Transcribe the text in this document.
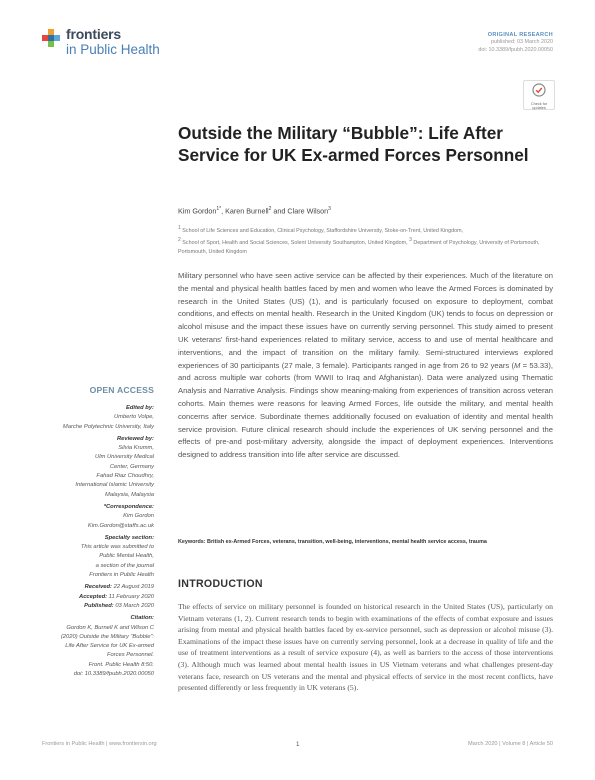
frontiers
in Public Health
ORIGINAL RESEARCH
published: 03 March 2020
doi: 10.3389/fpubh.2020.00050
Check for
updates
Outside the Military “Bubble”: Life After Service for UK Ex-armed Forces Personnel
Kim Gordon$^{1*}$, Karen Burnell$^2$ and Clare Wilson$^3$
1 School of Life Sciences and Education, Clinical Psychology, Staffordshire University, Stoke-on-Trent, United Kingdom,
2 School of Sport, Health and Social Sciences, Solent University Southampton, United Kingdom, 3 Department of Psychology, University of Portsmouth, Portsmouth, United Kingdom
Military personnel who have seen active service can be affected by their experiences. Much of the literature on the mental and physical health battles faced by men and women who leave the Armed Forces is dominated by research in the United States (US) (1), and is particularly focused on exposure to deployment, combat conditions, and effects on mental health. Research in the United Kingdom (UK) tends to focus on depression or alcohol misuse and the impact these issues have on currently serving personnel. This study aimed to present UK veterans' first-hand experiences related to military service, access to and use of mental healthcare and interventions, and the impact of transition on the military family. Semi-structured interviews explored experiences of 30 participants (27 male, 3 female). Participants ranged in age from 26 to 92 years (M = 53.33), and across multiple war cohorts (from WWII to Iraq and Afghanistan). Data were analyzed using Thematic Analysis and Narrative Analysis. Findings show meaning-making from experiences of transition across veteran cohorts. Main themes were reasons for leaving Armed Forces, life outside the military, and mental health concerns after service. Subordinate themes additionally focused on evaluation of identity and mental health service provision. Future clinical research should include the experiences of UK serving personnel and the effects of pre-and post-military adversity, alongside the impact of deployment experiences. Interventions designed to address transition into life after service are discussed.
Keywords: British ex-Armed Forces, veterans, transition, well-being, interventions, mental health service access, trauma
OPEN ACCESS
Edited by:
Umberto Volpe,
Marche Polytechnic University, Italy
Reviewed by:
Silvia Krumm,
Ulm University Medical
Center, Germany
Fahad Riaz Choudhry,
International Islamic University
Malaysia, Malaysia
*Correspondence:
Kim Gordon
Kim.Gordon@staffs.ac.uk
Specialty section:
This article was submitted to
Public Mental Health,
a section of the journal
Frontiers in Public Health
Received: 22 August 2019
Accepted: 11 February 2020
Published: 03 March 2020
Citation:
Gordon K, Burnell K and Wilson C
(2020) Outside the Military “Bubble”:
Life After Service for UK Ex-armed
Forces Personnel.
Front. Public Health 8:50.
doi: 10.3389/fpubh.2020.00050
INTRODUCTION
The effects of service on military personnel is founded on historical research in the United States (US), particularly on Vietnam veterans (1, 2). Current research tends to begin with examinations of the effects of combat exposure and issues arising from mental and physical health battles faced by ex-service personnel, such as depression or alcohol misuse (3). Examinations of the impact these issues have on currently serving personnel, look at a decrease in quality of life and the use of treatment interventions as a result of service exposure (4), as well as barriers to the access of those interventions (3). Although much was learned about mental health issues in US Vietnam veterans and what challenges present-day veterans face, research on US veterans and the mental and physical effects of service in the most recent conflicts, have presented differently or less frequently in UK veterans (5).
Frontiers in Public Health | www.frontiersin.org	1	March 2020 | Volume 8 | Article 50
